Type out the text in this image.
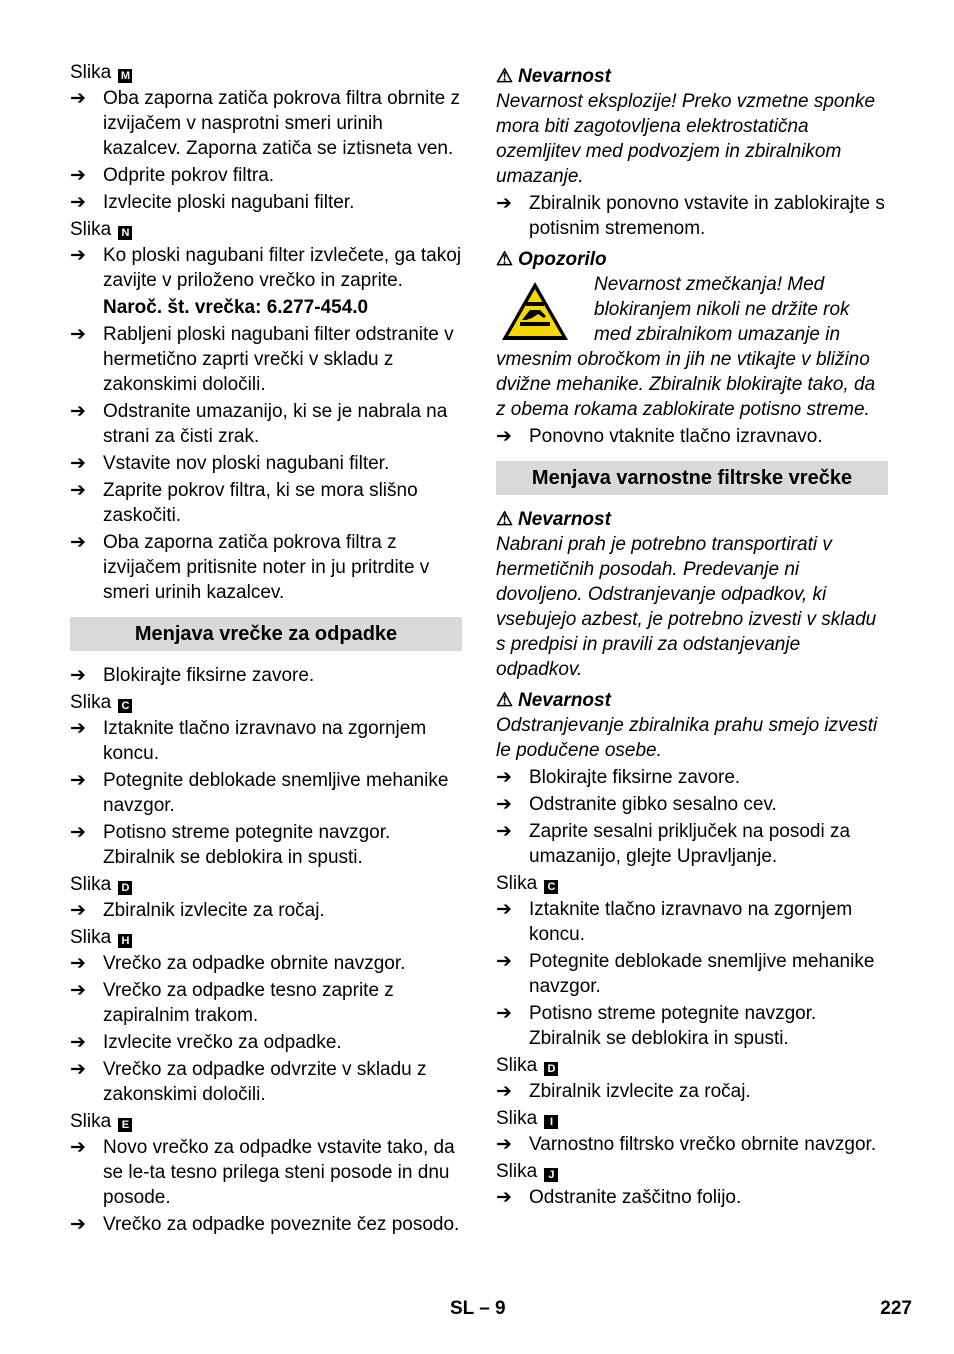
Slika M
➔ Oba zaporna zatiča pokrova filtra obrnite z izvijačem v nasprotni smeri urinih kazalcev. Zaporna zatiča se iztisneta ven.
➔ Odprite pokrov filtra.
➔ Izvlecite ploski nagubani filter.
Slika N
➔ Ko ploski nagubani filter izvlečete, ga takoj zavijte v priloženo vrečko in zaprite.
Naroč. št. vrečka: 6.277-454.0
➔ Rabljeni ploski nagubani filter odstranite v hermetično zaprti vrečki v skladu z zakonskimi določili.
➔ Odstranite umazanijo, ki se je nabrala na strani za čisti zrak.
➔ Vstavite nov ploski nagubani filter.
➔ Zaprite pokrov filtra, ki se mora slišno zaskočiti.
➔ Oba zaporna zatiča pokrova filtra z izvijačem pritisnite noter in ju pritrdite v smeri urinih kazalcev.
Menjava vrečke za odpadke
➔ Blokirajte fiksirne zavore.
Slika C
➔ Iztaknite tlačno izravnavo na zgornjem koncu.
➔ Potegnite deblokade snemljive mehanike navzgor.
➔ Potisno streme potegnite navzgor. Zbiralnik se deblokira in spusti.
Slika D
➔ Zbiralnik izvlecite za ročaj.
Slika H
➔ Vrečko za odpadke obrnite navzgor.
➔ Vrečko za odpadke tesno zaprite z zapiralnim trakom.
➔ Izvlecite vrečko za odpadke.
➔ Vrečko za odpadke odvrzite v skladu z zakonskimi določili.
Slika E
➔ Novo vrečko za odpadke vstavite tako, da se le-ta tesno prilega steni posode in dnu posode.
➔ Vrečko za odpadke poveznite čez posodo.
⚠ Nevarnost
Nevarnost eksplozije! Preko vzmetne sponke mora biti zagotovljena elektrostatična ozemljitev med podvozjem in zbiralnikom umazanje.
➔ Zbiralnik ponovno vstavite in zablokirajte s potisnim stremenom.
⚠ Opozorilo
Nevarnost zmečkanja! Med blokiranjem nikoli ne držite rok med zbiralnikom umazanje in vmesnim obročkom in jih ne vtikajte v bližino dvižne mehanike. Zbiralnik blokirajte tako, da z obema rokama zablokirate potisno streme.
➔ Ponovno vtaknite tlačno izravnavo.
Menjava varnostne filtrske vrečke
⚠ Nevarnost
Nabrani prah je potrebno transportirati v hermetičnih posodah. Predevanje ni dovoljeno. Odstranjevanje odpadkov, ki vsebujejo azbest, je potrebno izvesti v skladu s predpisi in pravili za odstanjevanje odpadkov.
⚠ Nevarnost
Odstranjevanje zbiralnika prahu smejo izvesti le podučene osebe.
➔ Blokirajte fiksirne zavore.
➔ Odstranite gibko sesalno cev.
➔ Zaprite sesalni priključek na posodi za umazanijo, glejte Upravljanje.
Slika C
➔ Iztaknite tlačno izravnavo na zgornjem koncu.
➔ Potegnite deblokade snemljive mehanike navzgor.
➔ Potisno streme potegnite navzgor. Zbiralnik se deblokira in spusti.
Slika D
➔ Zbiralnik izvlecite za ročaj.
Slika I
➔ Varnostno filtrsko vrečko obrnite navzgor.
Slika J
➔ Odstranite zaščitno folijo.
SL – 9	227
